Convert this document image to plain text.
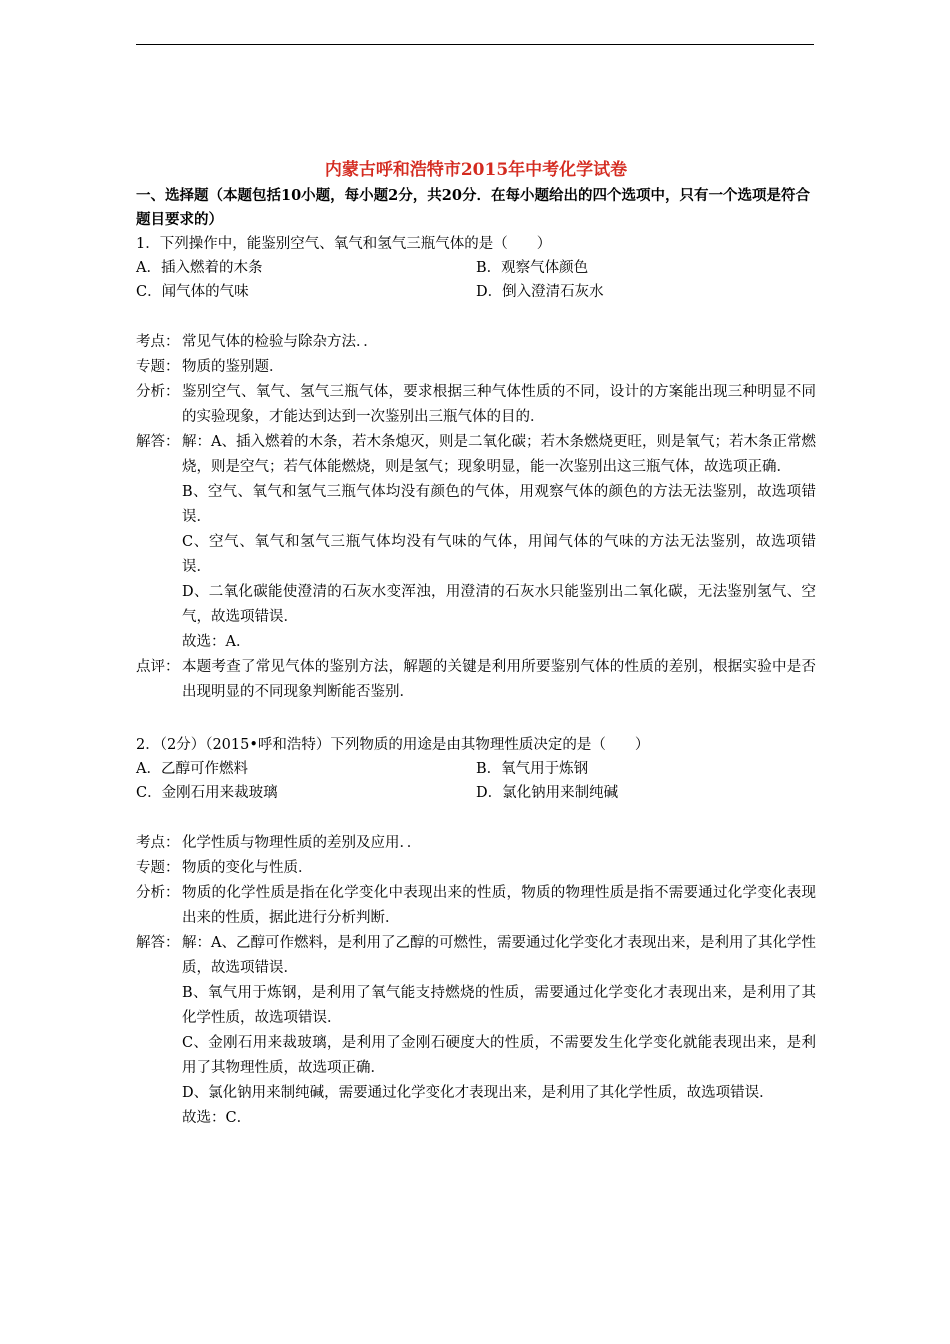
内蒙古呼和浩特市2015年中考化学试卷

一、选择题（本题包括10小题，每小题2分，共20分．在每小题给出的四个选项中，只有一个选项是符合题目要求的）

1．下列操作中，能鉴别空气、氧气和氢气三瓶气体的是（　　）

A．插入燃着的木条	B．观察气体颜色
C．闻气体的气味	D．倒入澄清石灰水
考点： 常见气体的检验与除杂方法．．
专题： 物质的鉴别题．
分析： 鉴别空气、氧气、氢气三瓶气体，要求根据三种气体性质的不同，设计的方案能出现三种明显不同的实验现象，才能达到达到一次鉴别出三瓶气体的目的．
解答： 解：A、插入燃着的木条，若木条熄灭，则是二氧化碳；若木条燃烧更旺，则是氧气；若木条正常燃烧，则是空气；若气体能燃烧，则是氢气；现象明显，能一次鉴别出这三瓶气体，故选项正确．

B、空气、氧气和氢气三瓶气体均没有颜色的气体，用观察气体的颜色的方法无法鉴别，故选项错误．

C、空气、氧气和氢气三瓶气体均没有气味的气体，用闻气体的气味的方法无法鉴别，故选项错误．

D、二氧化碳能使澄清的石灰水变浑浊，用澄清的石灰水只能鉴别出二氧化碳，无法鉴别氢气、空气，故选项错误．

故选：A．

点评： 本题考查了常见气体的鉴别方法，解题的关键是利用所要鉴别气体的性质的差别，根据实验中是否出现明显的不同现象判断能否鉴别．

2．（2分）（2015•呼和浩特）下列物质的用途是由其物理性质决定的是（　　）

A．乙醇可作燃料	B．氧气用于炼钢
C．金刚石用来裁玻璃	D．氯化钠用来制纯碱
考点： 化学性质与物理性质的差别及应用．．
专题： 物质的变化与性质．
分析： 物质的化学性质是指在化学变化中表现出来的性质，物质的物理性质是指不需要通过化学变化表现出来的性质，据此进行分析判断．
解答： 解：A、乙醇可作燃料，是利用了乙醇的可燃性，需要通过化学变化才表现出来，是利用了其化学性质，故选项错误．

B、氧气用于炼钢，是利用了氧气能支持燃烧的性质，需要通过化学变化才表现出来，是利用了其化学性质，故选项错误．

C、金刚石用来裁玻璃，是利用了金刚石硬度大的性质，不需要发生化学变化就能表现出来，是利用了其物理性质，故选项正确．

D、氯化钠用来制纯碱，需要通过化学变化才表现出来，是利用了其化学性质，故选项错误．

故选：C．
